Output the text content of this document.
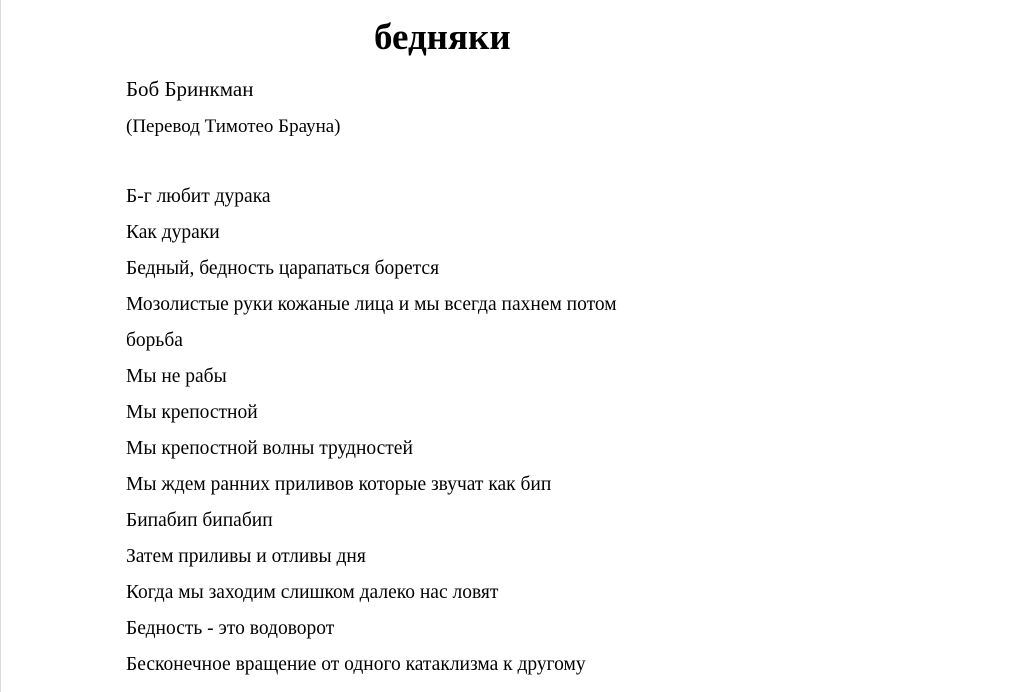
бедняки

Боб Бринкман

(Перевод Тимотео Брауна)

Б-г любит дурака
Как дураки
Бедный, бедность царапаться борется
Мозолистые руки кожаные лица и мы всегда пахнем потом
борьба
Мы не рабы
Мы крепостной
Мы крепостной волны трудностей
Мы ждем ранних приливов которые звучат как бип
Бипабип бипабип
Затем приливы и отливы дня
Когда мы заходим слишком далеко нас ловят
Бедность - это водоворот
Бесконечное вращение от одного катаклизма к другому
